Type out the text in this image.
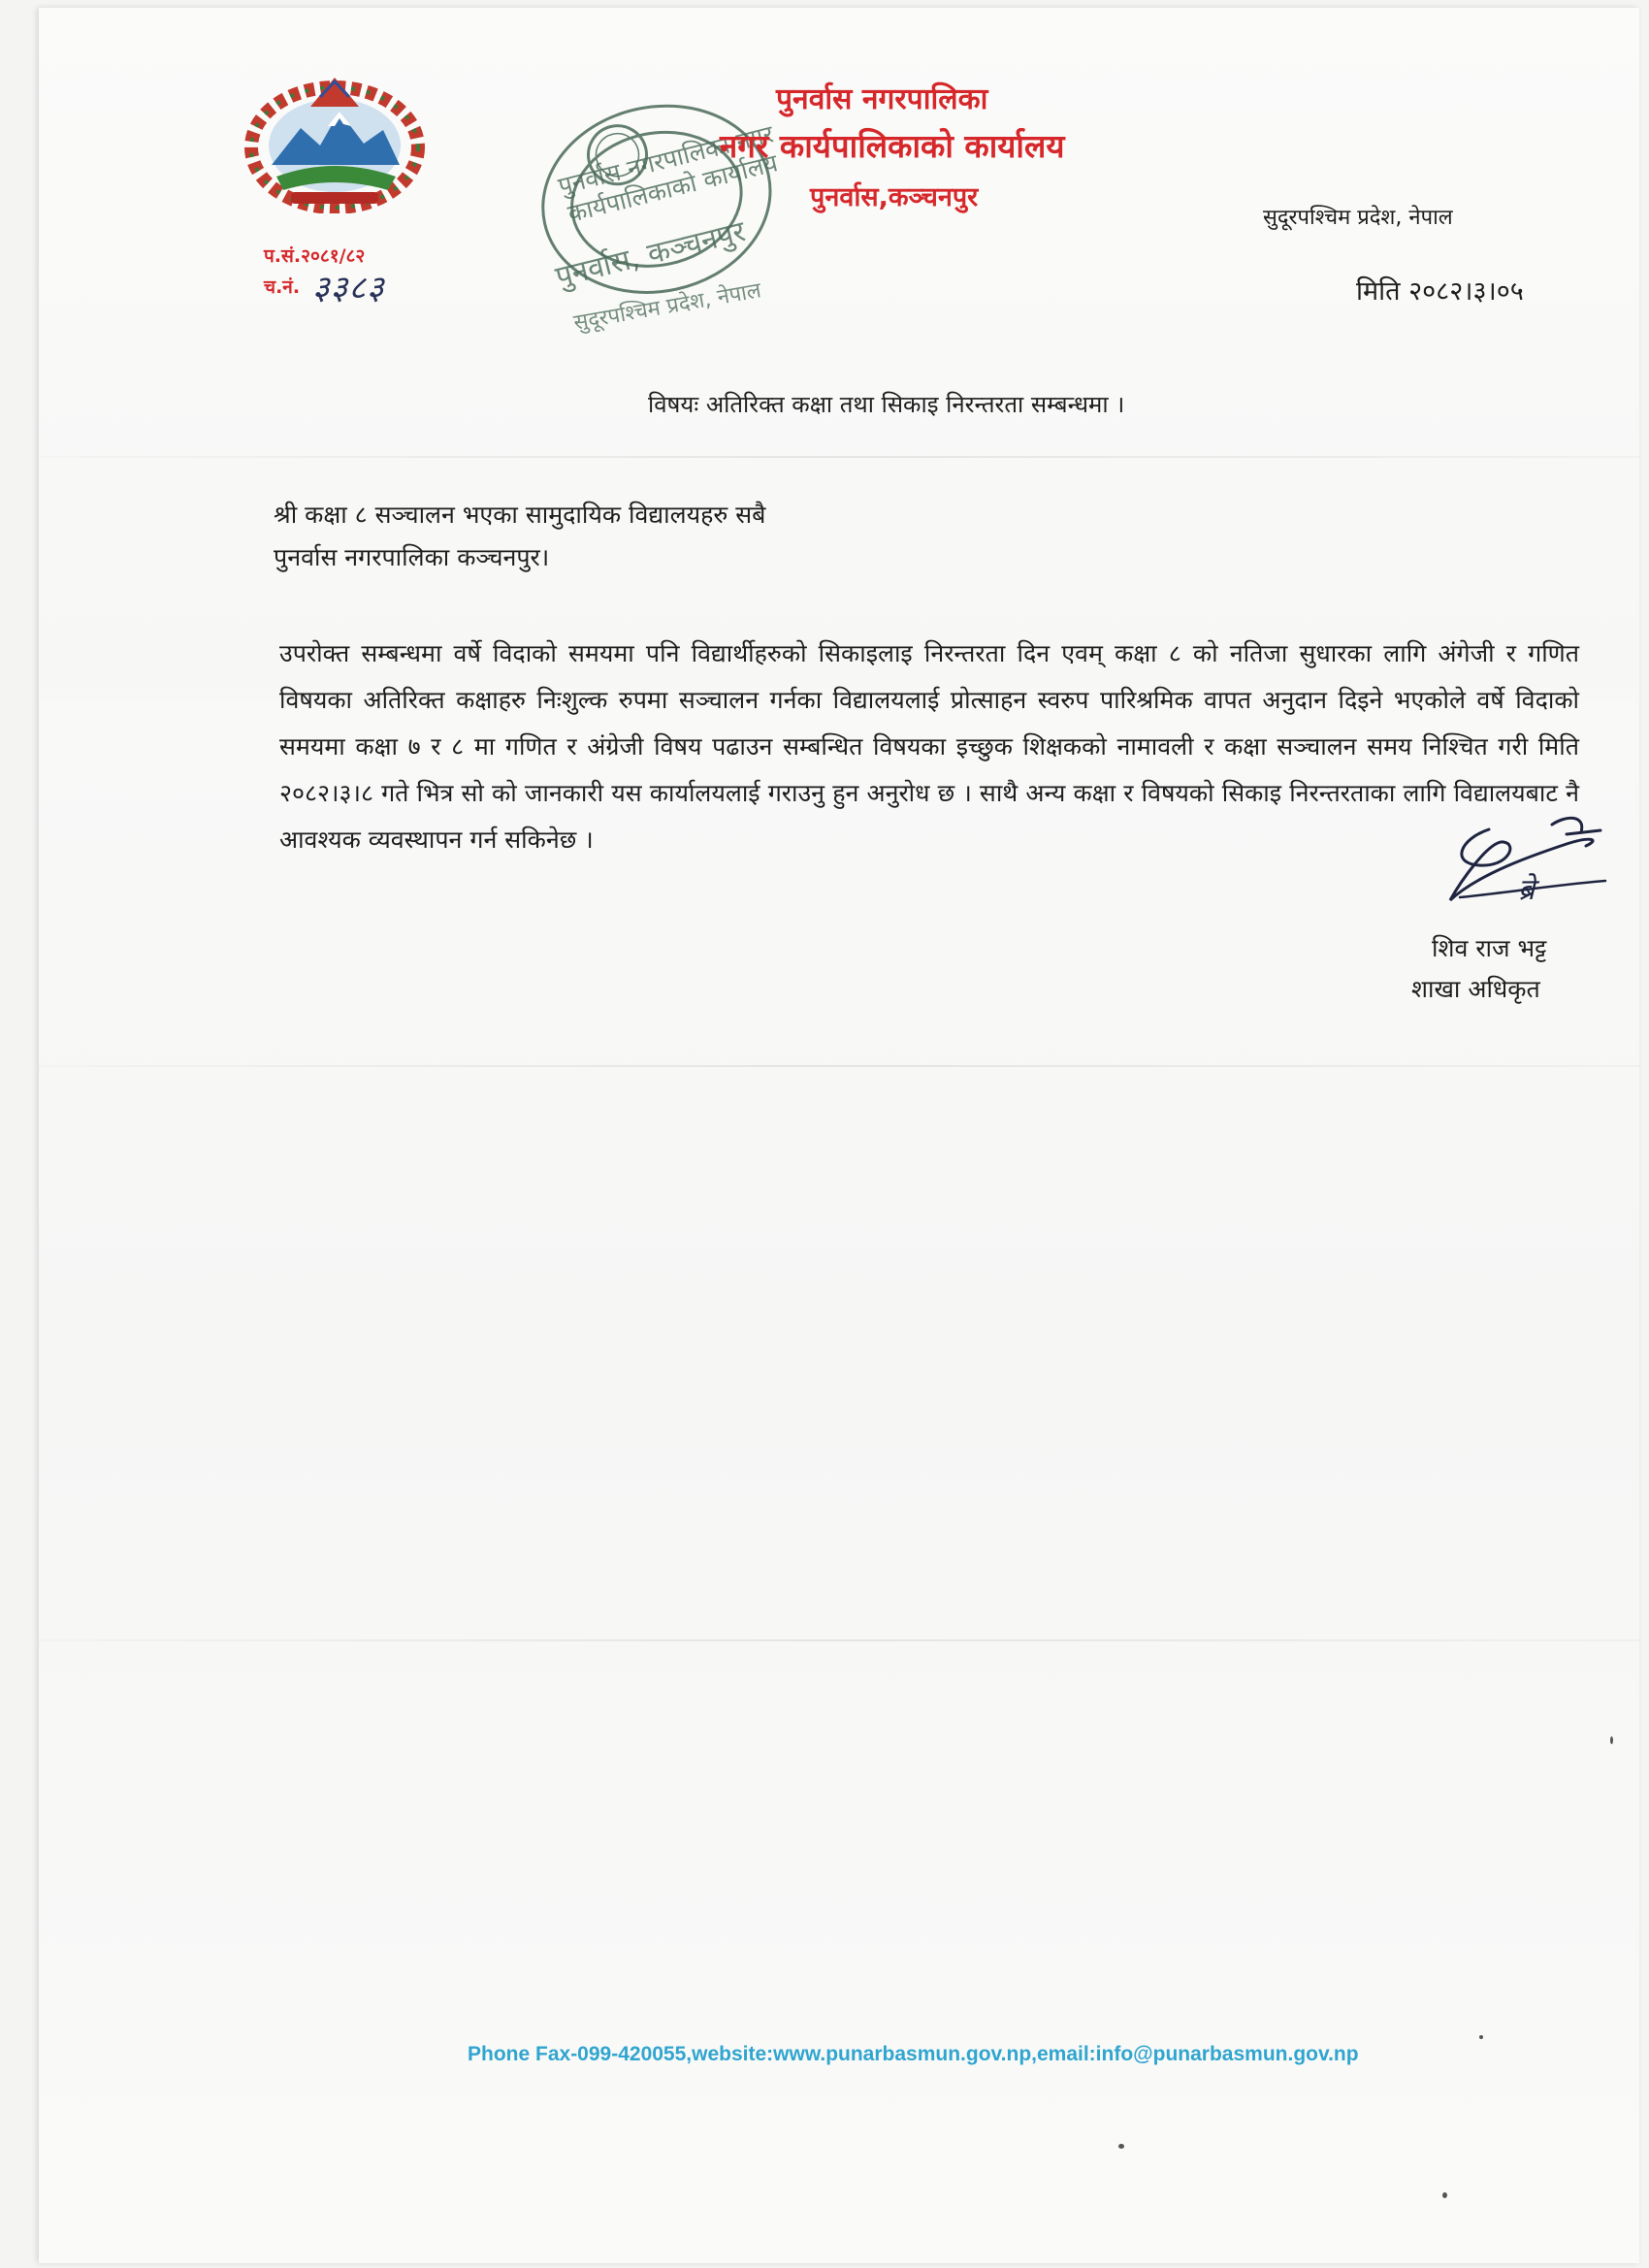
पुनर्वास नगरपालिका नगर कार्यपालिकाको कार्यालय
पुनर्वास, कञ्चनपुर
सुदूरपश्चिम प्रदेश, नेपाल
पुनर्वास नगरपालिका
नगर कार्यपालिकाको कार्यालय
पुनर्वास,कञ्चनपुर
सुदूरपश्चिम प्रदेश, नेपाल
प.सं.२०८१/८२
च.नं. ३३८३	मिति २०८२।३।०५
विषयः अतिरिक्त कक्षा तथा सिकाइ निरन्तरता सम्बन्धमा ।
श्री कक्षा ८ सञ्चालन भएका सामुदायिक विद्यालयहरु सबै
पुनर्वास नगरपालिका कञ्चनपुर।
उपरोक्त सम्बन्धमा वर्षे विदाको समयमा पनि विद्यार्थीहरुको सिकाइलाइ निरन्तरता दिन एवम् कक्षा ८ को नतिजा सुधारका लागि अंगेजी र गणित विषयका अतिरिक्त कक्षाहरु निःशुल्क रुपमा सञ्चालन गर्नका विद्यालयलाई प्रोत्साहन स्वरुप पारिश्रमिक वापत अनुदान दिइने भएकोले वर्षे विदाको समयमा कक्षा ७ र ८ मा गणित र अंग्रेजी विषय पढाउन सम्बन्धित विषयका इच्छुक शिक्षकको नामावली र कक्षा सञ्चालन समय निश्चित गरी मिति २०८२।३।८ गते भित्र सो को जानकारी यस कार्यालयलाई गराउनु हुन अनुरोध छ । साथै अन्य कक्षा र विषयको सिकाइ निरन्तरताका लागि विद्यालयबाट नै आवश्यक व्यवस्थापन गर्न सकिनेछ ।
ब्रे
शिव राज भट्ट
शाखा अधिकृत
Phone Fax-099-420055,website:www.punarbasmun.gov.np,email:info@punarbasmun.gov.np
